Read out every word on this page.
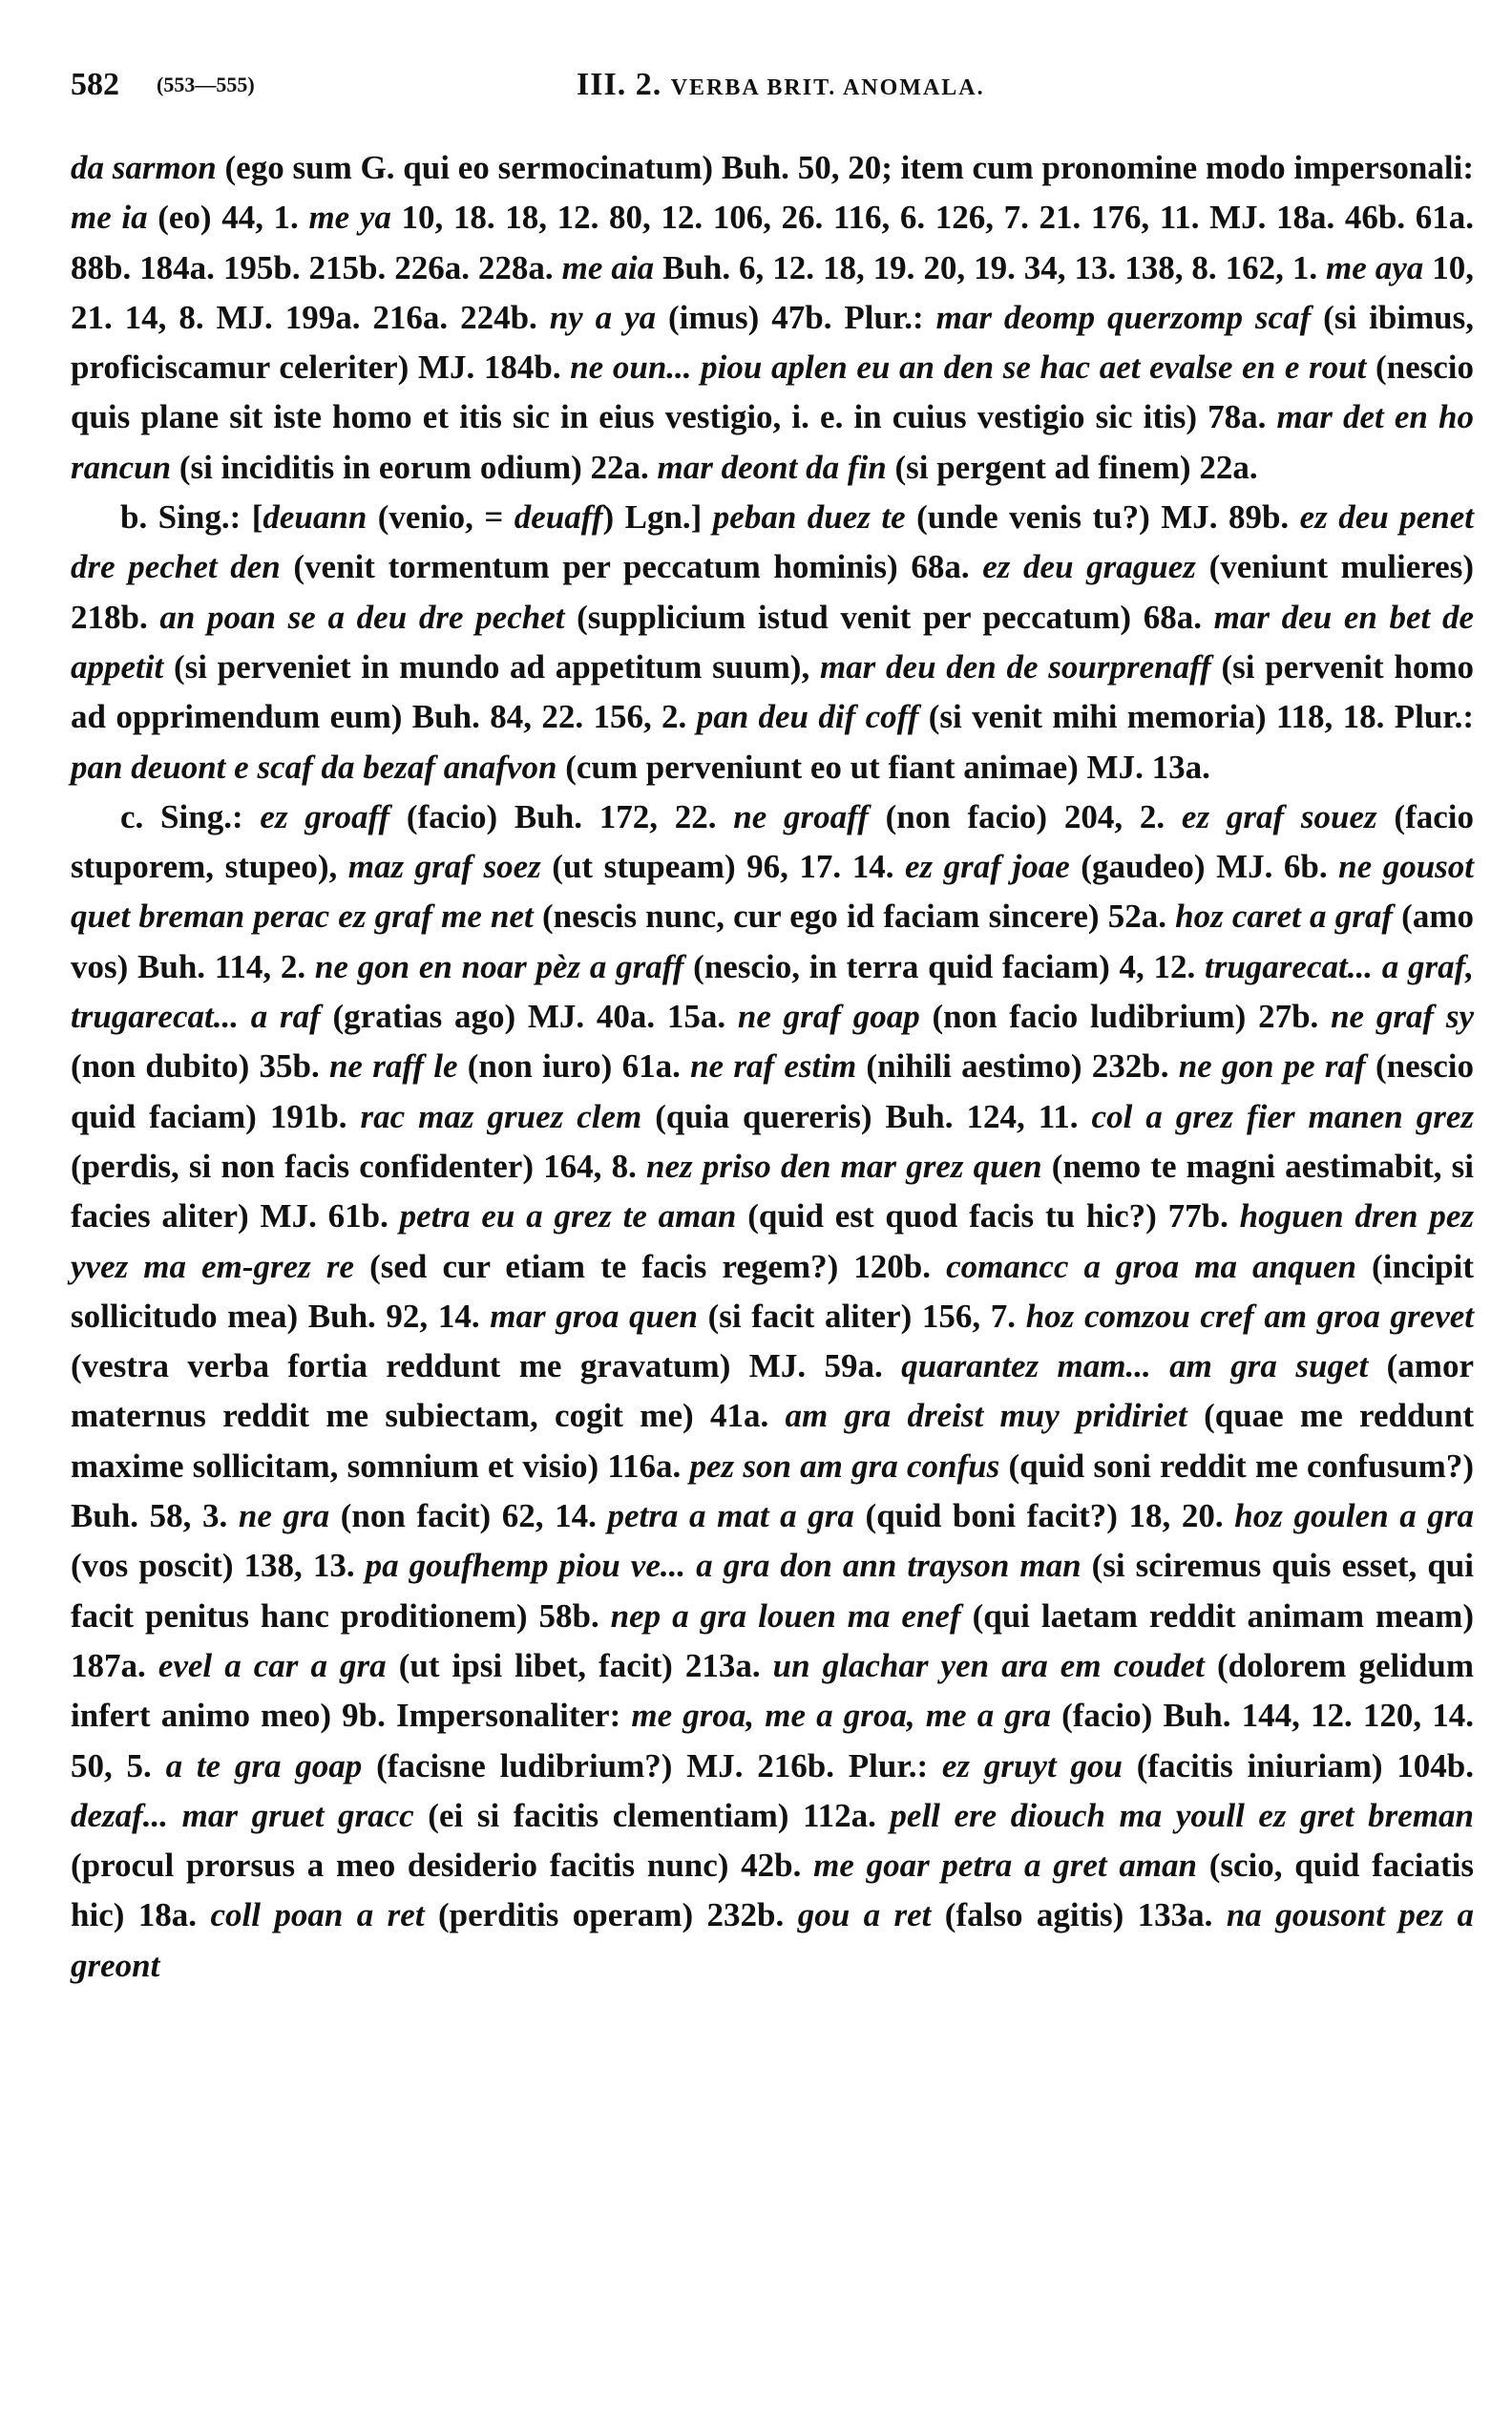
582 (553—555)	III. 2. VERBA BRIT. ANOMALA.

da sarmon (ego sum G. qui eo sermocinatum) Buh. 50, 20; item cum pronomine modo impersonali: me ia (eo) 44, 1. me ya 10, 18. 18, 12. 80, 12. 106, 26. 116, 6. 126, 7. 21. 176, 11. MJ. 18a. 46b. 61a. 88b. 184a. 195b. 215b. 226a. 228a. me aia Buh. 6, 12. 18, 19. 20, 19. 34, 13. 138, 8. 162, 1. me aya 10, 21. 14, 8. MJ. 199a. 216a. 224b. ny a ya (imus) 47b. Plur.: mar deomp querzomp scaf (si ibimus, proficiscamur celeriter) MJ. 184b. ne oun... piou aplen eu an den se hac aet evalse en e rout (nescio quis plane sit iste homo et itis sic in eius vestigio, i. e. in cuius vestigio sic itis) 78a. mar det en ho rancun (si inciditis in eorum odium) 22a. mar deont da fin (si pergent ad finem) 22a.

b. Sing.: [deuann (venio, = deuaff) Lgn.] peban duez te (unde venis tu?) MJ. 89b. ez deu penet dre pechet den (venit tormentum per peccatum hominis) 68a. ez deu graguez (veniunt mulieres) 218b. an poan se a deu dre pechet (supplicium istud venit per peccatum) 68a. mar deu en bet de appetit (si perveniet in mundo ad appetitum suum), mar deu den de sourprenaff (si pervenit homo ad opprimendum eum) Buh. 84, 22. 156, 2. pan deu dif coff (si venit mihi memoria) 118, 18. Plur.: pan deuont e scaf da bezaf anafvon (cum perveniunt eo ut fiant animae) MJ. 13a.

c. Sing.: ez groaff (facio) Buh. 172, 22. ne groaff (non facio) 204, 2. ez graf souez (facio stuporem, stupeo), maz graf soez (ut stupeam) 96, 17. 14. ez graf joae (gaudeo) MJ. 6b. ne gousot quet breman perac ez graf me net (nescis nunc, cur ego id faciam sincere) 52a. hoz caret a graf (amo vos) Buh. 114, 2. ne gon en noar pèz a graff (nescio, in terra quid faciam) 4, 12. trugarecat... a graf, trugarecat... a raf (gratias ago) MJ. 40a. 15a. ne graf goap (non facio ludibrium) 27b. ne graf sy (non dubito) 35b. ne raff le (non iuro) 61a. ne raf estim (nihili aestimo) 232b. ne gon pe raf (nescio quid faciam) 191b. rac maz gruez clem (quia quereris) Buh. 124, 11. col a grez fier manen grez (perdis, si non facis confidenter) 164, 8. nez priso den mar grez quen (nemo te magni aestimabit, si facies aliter) MJ. 61b. petra eu a grez te aman (quid est quod facis tu hic?) 77b. hoguen dren pez yvez ma em-grez re (sed cur etiam te facis regem?) 120b. comancc a groa ma anquen (incipit sollicitudo mea) Buh. 92, 14. mar groa quen (si facit aliter) 156, 7. hoz comzou cref am groa grevet (vestra verba fortia reddunt me gravatum) MJ. 59a. quarantez mam... am gra suget (amor maternus reddit me subiectam, cogit me) 41a. am gra dreist muy pridiriet (quae me reddunt maxime sollicitam, somnium et visio) 116a. pez son am gra confus (quid soni reddit me confusum?) Buh. 58, 3. ne gra (non facit) 62, 14. petra a mat a gra (quid boni facit?) 18, 20. hoz goulen a gra (vos poscit) 138, 13. pa goufhemp piou ve... a gra don ann trayson man (si sciremus quis esset, qui facit penitus hanc proditionem) 58b. nep a gra louen ma enef (qui laetam reddit animam meam) 187a. evel a car a gra (ut ipsi libet, facit) 213a. un glachar yen ara em coudet (dolorem gelidum infert animo meo) 9b. Impersonaliter: me groa, me a groa, me a gra (facio) Buh. 144, 12. 120, 14. 50, 5. a te gra goap (facisne ludibrium?) MJ. 216b. Plur.: ez gruyt gou (facitis iniuriam) 104b. dezaf... mar gruet gracc (ei si facitis clementiam) 112a. pell ere diouch ma youll ez gret breman (procul prorsus a meo desiderio facitis nunc) 42b. me goar petra a gret aman (scio, quid faciatis hic) 18a. coll poan a ret (perditis operam) 232b. gou a ret (falso agitis) 133a. na gousont pez a greont
